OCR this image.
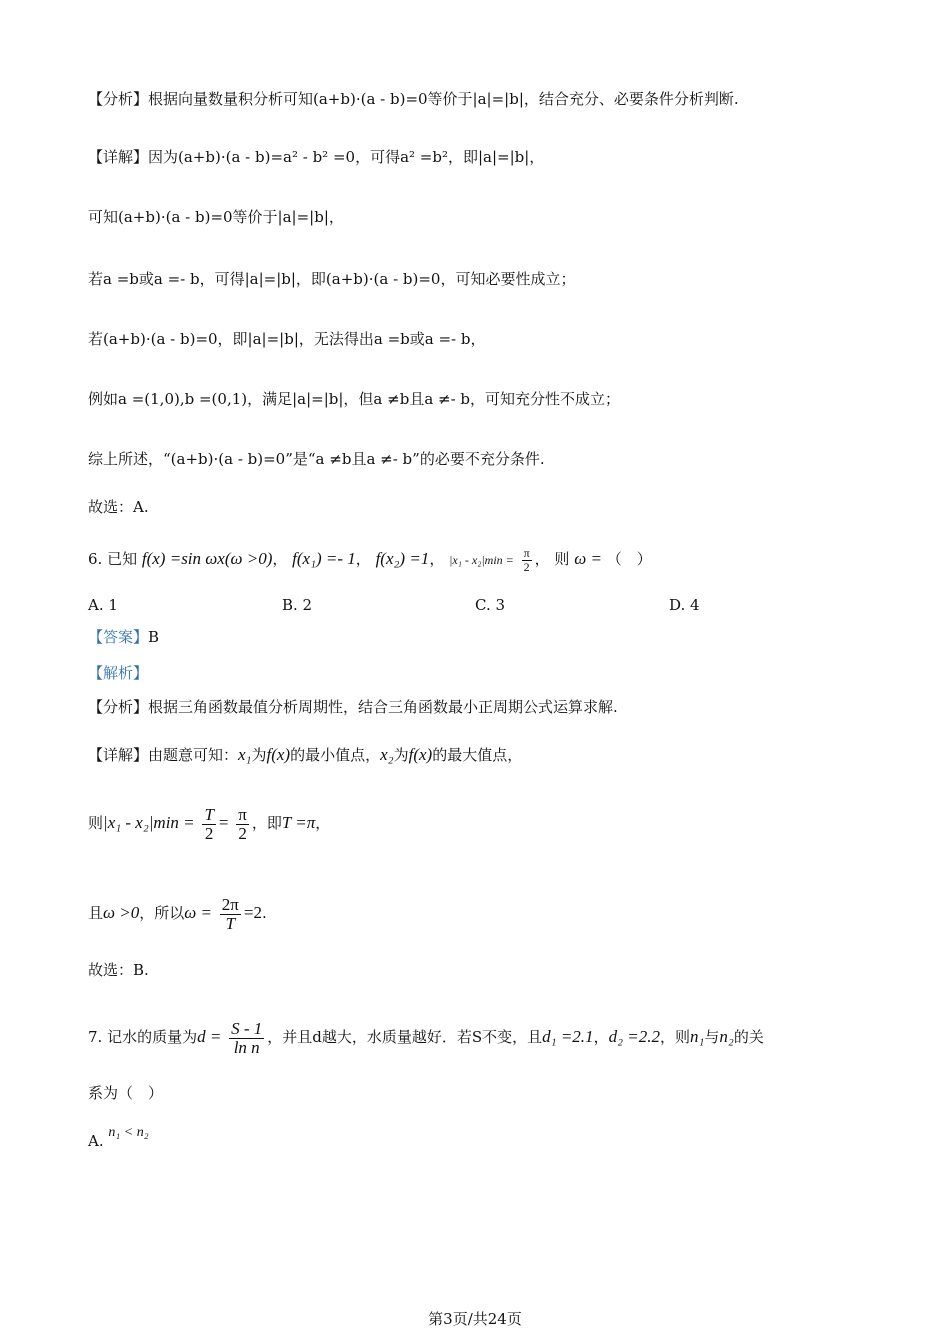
【分析】根据向量数量积分析可知(a+b)·(a - b)=0等价于|a|=|b|，结合充分、必要条件分析判断.
【详解】因为(a+b)·(a - b)=a² - b² =0，可得a² =b²，即|a|=|b|，
可知(a+b)·(a - b)=0等价于|a|=|b|，
若a =b或a =- b，可得|a|=|b|，即(a+b)·(a - b)=0，可知必要性成立；
若(a+b)·(a - b)=0，即|a|=|b|，无法得出a =b或a =- b，
例如a =(1,0),b =(0,1)，满足|a|=|b|，但a ≠b且a ≠- b，可知充分性不成立；
综上所述，“(a+b)·(a - b)=0”是“a ≠b且a ≠- b”的必要不充分条件.
故选：A.
6. 已知 f(x) =sin ωx(ω >0)， f(x₁) =- 1， f(x₂) =1， $|x_1 - x_2|\min = \frac{\pi}{2}$ ， 则 ω = （　）
A. 1	B. 2	C. 3	D. 4
【答案】B
【解析】
【分析】根据三角函数最值分析周期性，结合三角函数最小正周期公式运算求解.
【详解】由题意可知：x₁为f(x)的最小值点，x₂为f(x)的最大值点，
则$|x_1 - x_2|\min = \frac{T}{2} = \frac{\pi}{2}$ ，即T =π，
且ω >0，所以$\omega = \frac{2\pi}{T} =2$.
故选：B.
7. 记水的质量为$d = \frac{S - 1}{\text{ln n}}$ ，并且d越大，水质量越好．若S不变，且d₁ =2.1，d₂ =2.2，则n₁与n₂的关
系为（　）
A. n₁ < n₂
第3页/共24页
